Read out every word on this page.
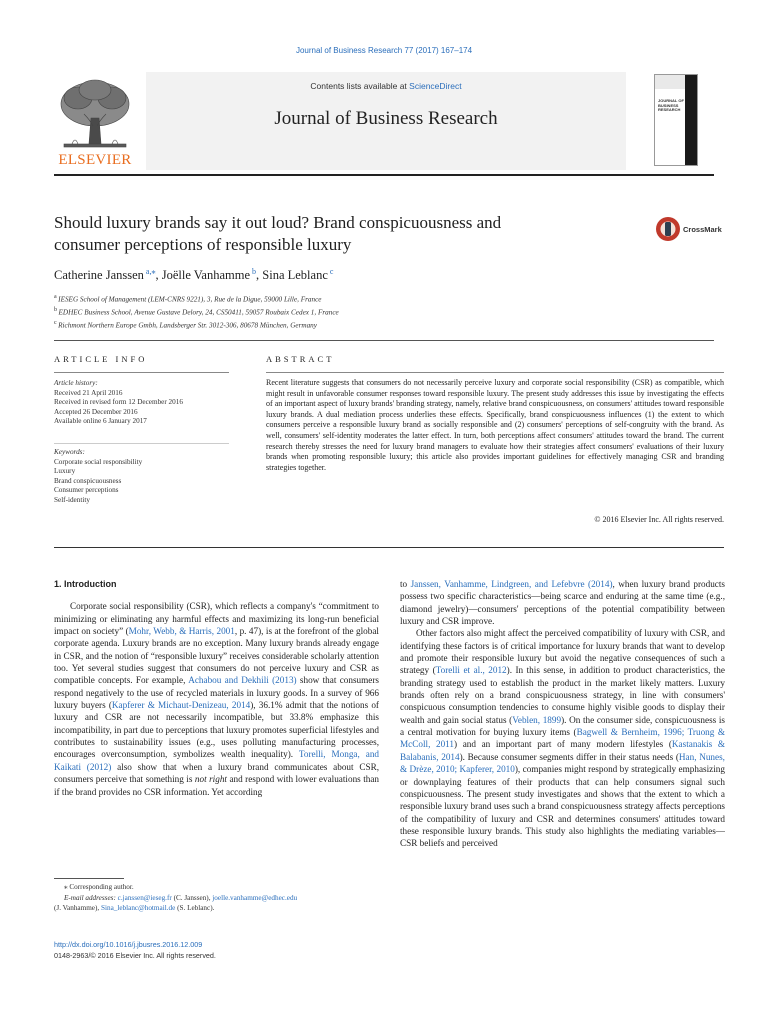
Journal of Business Research 77 (2017) 167–174
ELSEVIER
Contents lists available at ScienceDirect
Journal of Business Research
JOURNAL OF BUSINESS RESEARCH
Should luxury brands say it out loud? Brand conspicuousness and
consumer perceptions of responsible luxury
CrossMark
Catherine Janssen $^{a,⁎}$, Joëlle Vanhamme $^b$, Sina Leblanc $^c$
$^a$ IESEG School of Management (LEM-CNRS 9221), 3, Rue de la Digue, 59000 Lille, France
$^b$ EDHEC Business School, Avenue Gustave Delory, 24, CS50411, 59057 Roubaix Cedex 1, France
$^c$ Richmont Northern Europe Gmbh, Landsberger Str. 3012-306, 80678 München, Germany
ARTICLE INFO	ABSTRACT
Article history:
Received 21 April 2016
Received in revised form 12 December 2016
Accepted 26 December 2016
Available online 6 January 2017
Keywords:
Corporate social responsibility
Luxury
Brand conspicuousness
Consumer perceptions
Self-identity
Recent literature suggests that consumers do not necessarily perceive luxury and corporate social responsibility (CSR) as compatible, which might result in unfavorable consumer responses toward responsible luxury. The present study addresses this issue by investigating the effects of an important aspect of luxury brands' branding strategy, namely, relative brand conspicuousness, on consumers' attitudes toward responsible luxury brands. A dual mediation process underlies these effects. Specifically, brand conspicuousness influences (1) the extent to which consumers perceive a responsible luxury brand as socially responsible and (2) consumers' perceptions of self-congruity with the brand. As well, consumers' self-identity moderates the latter effect. In turn, both perceptions affect consumers' attitudes toward the brand. The current research thereby stresses the need for luxury brand managers to evaluate how their strategies affect consumers' evaluations of their luxury brands when promoting responsible luxury; this article also provides important guidelines for effectively managing CSR and branding strategies together.
© 2016 Elsevier Inc. All rights reserved.
1. Introduction

Corporate social responsibility (CSR), which reflects a company's “commitment to minimizing or eliminating any harmful effects and maximizing its long-run beneficial impact on society” (Mohr, Webb, & Harris, 2001, p. 47), is at the forefront of the global corporate agenda. Luxury brands are no exception. Many luxury brands already engage in CSR, and the notion of “responsible luxury” receives considerable scholarly attention too. Yet several studies suggest that consumers do not perceive luxury and CSR as compatible concepts. For example, Achabou and Dekhili (2013) show that consumers respond negatively to the use of recycled materials in luxury goods. In a survey of 966 luxury buyers (Kapferer & Michaut-Denizeau, 2014), 36.1% admit that the notions of luxury and CSR are not necessarily incompatible, but 33.8% emphasize this incompatibility, in part due to perceptions that luxury promotes superficial lifestyles and contributes to sustainability issues (e.g., uses polluting manufacturing processes, encourages overconsumption, symbolizes wealth inequality). Torelli, Monga, and Kaikati (2012) also show that when a luxury brand communicates about CSR, consumers perceive that something is not right and respond with lower evaluations than if the brand provides no CSR information. Yet according

to Janssen, Vanhamme, Lindgreen, and Lefebvre (2014), when luxury brand products possess two specific characteristics—being scarce and enduring at the same time (e.g., diamond jewelry)—consumers' perceptions of the potential compatibility between luxury and CSR improve.

Other factors also might affect the perceived compatibility of luxury with CSR, and identifying these factors is of critical importance for luxury brands that want to develop and promote their responsible luxury but avoid the negative consequences of such a strategy (Torelli et al., 2012). In this sense, in addition to product characteristics, the branding strategy used to establish the product in the market likely matters. Luxury brands often rely on a brand conspicuousness strategy, in line with consumers' conspicuous consumption tendencies to consume highly visible goods to display their wealth and gain social status (Veblen, 1899). On the consumer side, conspicuousness is a central motivation for buying luxury items (Bagwell & Bernheim, 1996; Truong & McColl, 2011) and an important part of many modern lifestyles (Kastanakis & Balabanis, 2014). Because consumer segments differ in their status needs (Han, Nunes, & Drèze, 2010; Kapferer, 2010), companies might respond by strategically emphasizing or downplaying features of their products that can help consumers signal such conspicuousness. The present study investigates and shows that the extent to which a responsible luxury brand uses such a brand conspicuousness strategy affects perceptions of the compatibility of luxury and CSR and determines consumers' attitudes toward these responsible luxury brands. This study also highlights the mediating variables—CSR beliefs and perceived

⁎ Corresponding author.
E-mail addresses: c.janssen@ieseg.fr (C. Janssen), joelle.vanhamme@edhec.edu
(J. Vanhamme), Sina_leblanc@hotmail.de (S. Leblanc).
http://dx.doi.org/10.1016/j.jbusres.2016.12.009
0148-2963/© 2016 Elsevier Inc. All rights reserved.
